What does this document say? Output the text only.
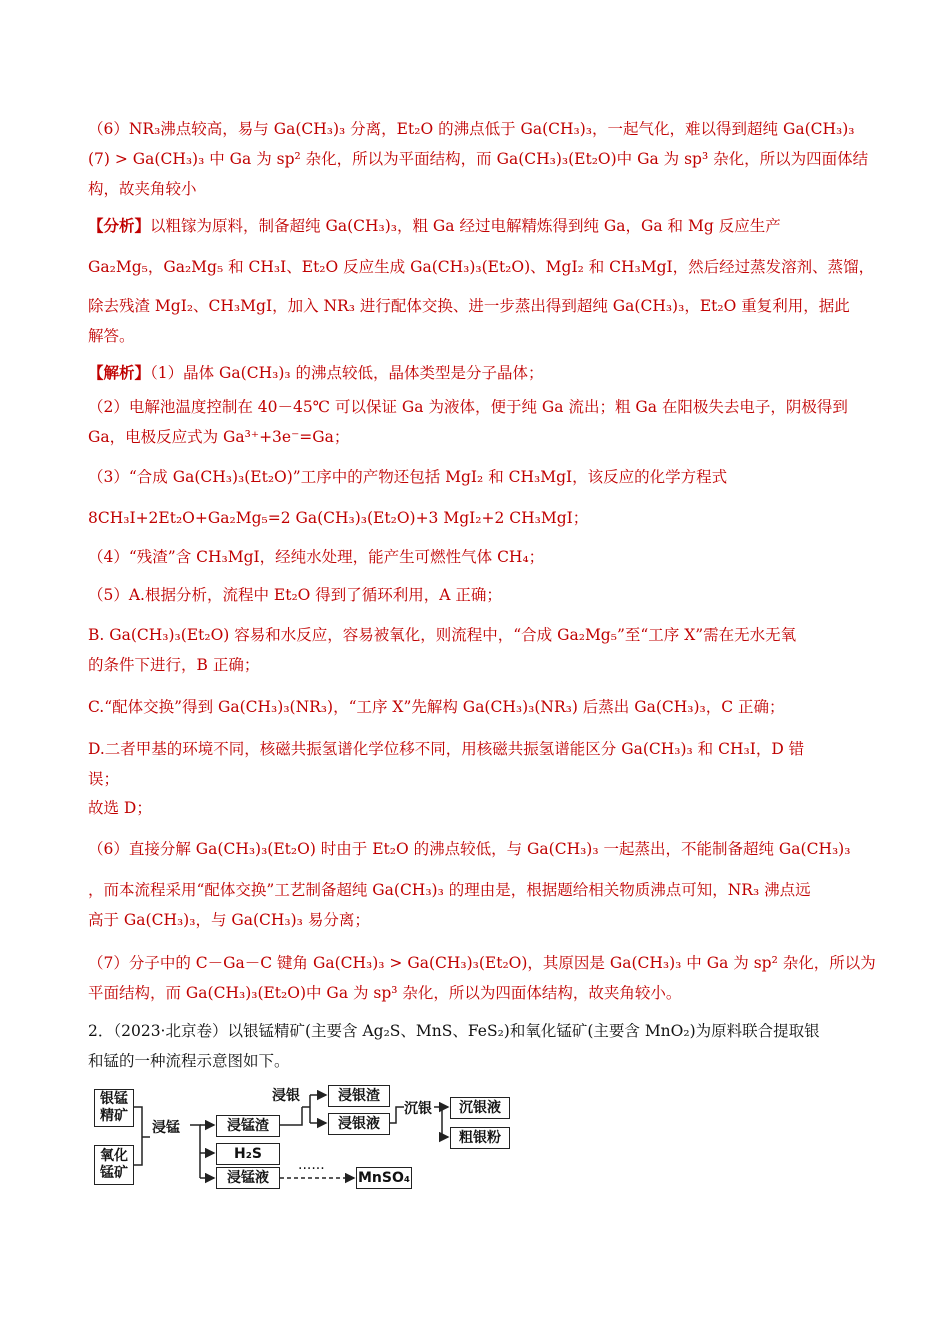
（6）NR₃沸点较高，易与 Ga(CH₃)₃ 分离，Et₂O 的沸点低于 Ga(CH₃)₃，一起气化，难以得到超纯 Ga(CH₃)₃
(7) > Ga(CH₃)₃ 中 Ga 为 sp² 杂化，所以为平面结构，而 Ga(CH₃)₃(Et₂O)中 Ga 为 sp³ 杂化，所以为四面体结
构，故夹角较小
【分析】以粗镓为原料，制备超纯 Ga(CH₃)₃，粗 Ga 经过电解精炼得到纯 Ga，Ga 和 Mg 反应生产
Ga₂Mg₅，Ga₂Mg₅ 和 CH₃I、Et₂O 反应生成 Ga(CH₃)₃(Et₂O)、MgI₂ 和 CH₃MgI，然后经过蒸发溶剂、蒸馏，
除去残渣 MgI₂、CH₃MgI，加入 NR₃ 进行配体交换、进一步蒸出得到超纯 Ga(CH₃)₃，Et₂O 重复利用，据此
解答。
【解析】（1）晶体 Ga(CH₃)₃ 的沸点较低，晶体类型是分子晶体；
（2）电解池温度控制在 40－45℃ 可以保证 Ga 为液体，便于纯 Ga 流出；粗 Ga 在阳极失去电子，阴极得到
Ga，电极反应式为 Ga³⁺+3e⁻=Ga；
（3）“合成 Ga(CH₃)₃(Et₂O)”工序中的产物还包括 MgI₂ 和 CH₃MgI，该反应的化学方程式
8CH₃I+2Et₂O+Ga₂Mg₅=2 Ga(CH₃)₃(Et₂O)+3 MgI₂+2 CH₃MgI；
（4）“残渣”含 CH₃MgI，经纯水处理，能产生可燃性气体 CH₄；
（5）A.根据分析，流程中 Et₂O 得到了循环利用，A 正确；
B. Ga(CH₃)₃(Et₂O) 容易和水反应，容易被氧化，则流程中，“合成 Ga₂Mg₅”至“工序 X”需在无水无氧
的条件下进行，B 正确；
C.“配体交换”得到 Ga(CH₃)₃(NR₃)，“工序 X”先解构 Ga(CH₃)₃(NR₃) 后蒸出 Ga(CH₃)₃，C 正确；
D.二者甲基的环境不同，核磁共振氢谱化学位移不同，用核磁共振氢谱能区分 Ga(CH₃)₃ 和 CH₃I，D 错
误；
故选 D；
（6）直接分解 Ga(CH₃)₃(Et₂O) 时由于 Et₂O 的沸点较低，与 Ga(CH₃)₃ 一起蒸出，不能制备超纯 Ga(CH₃)₃
，而本流程采用“配体交换”工艺制备超纯 Ga(CH₃)₃ 的理由是，根据题给相关物质沸点可知，NR₃ 沸点远
高于 Ga(CH₃)₃，与 Ga(CH₃)₃ 易分离；
（7）分子中的 C－Ga－C 键角 Ga(CH₃)₃ > Ga(CH₃)₃(Et₂O)，其原因是 Ga(CH₃)₃ 中 Ga 为 sp² 杂化，所以为
平面结构，而 Ga(CH₃)₃(Et₂O)中 Ga 为 sp³ 杂化，所以为四面体结构，故夹角较小。
2．（2023·北京卷）以银锰精矿(主要含 Ag₂S、MnS、FeS₂)和氧化锰矿(主要含 MnO₂)为原料联合提取银
和锰的一种流程示意图如下。
银锰
精矿
氧化
锰矿
浸锰	浸锰渣
H₂S
浸锰液
······
MnSO₄
浸银	浸银渣
浸银液
沉银	沉银液
粗银粉
